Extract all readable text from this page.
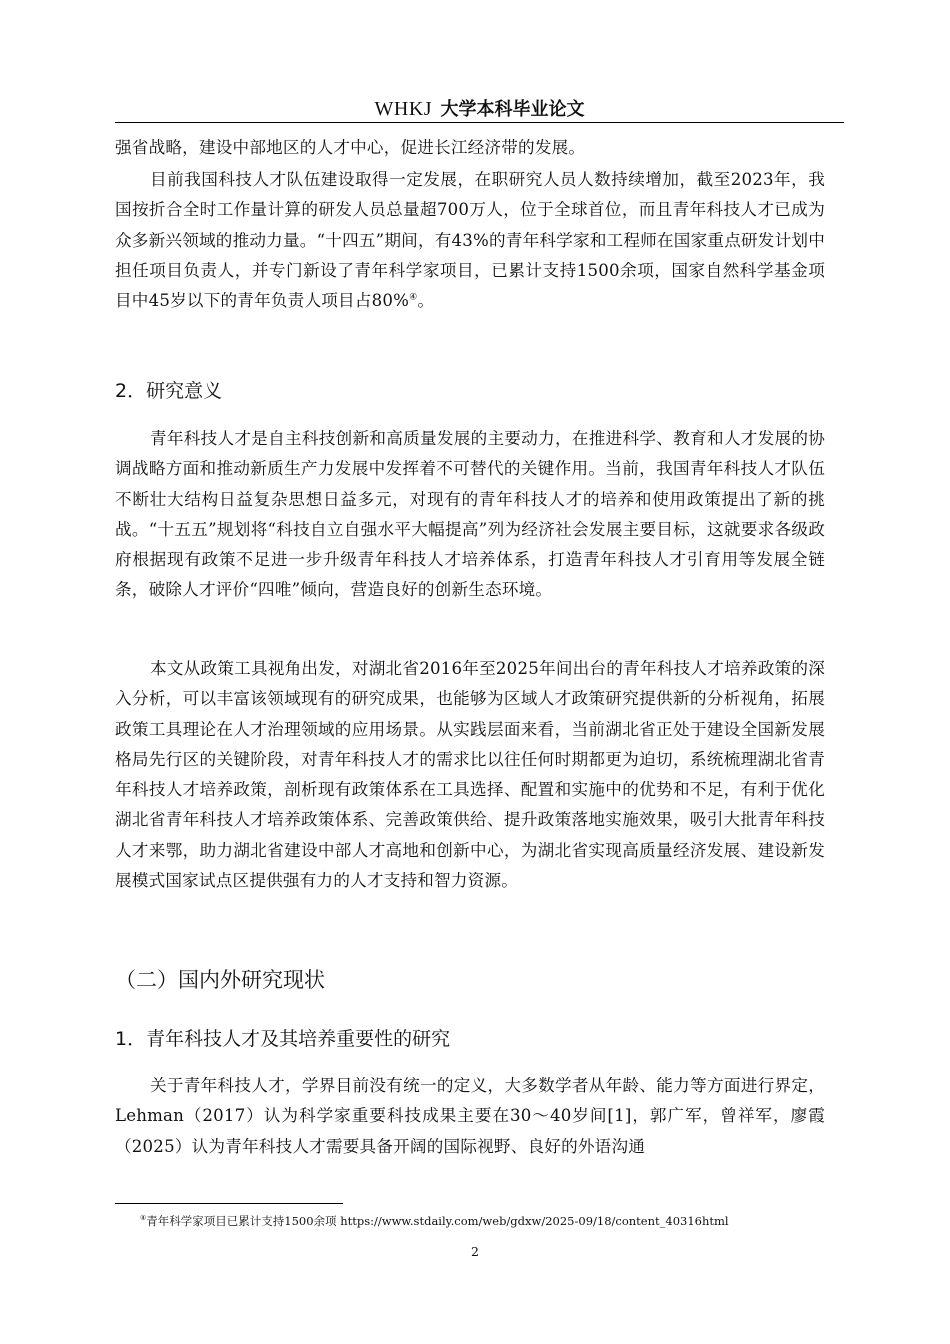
WHKJ 大学本科毕业论文

强省战略，建设中部地区的人才中心，促进长江经济带的发展。

目前我国科技人才队伍建设取得一定发展，在职研究人员人数持续增加，截至2023年，我国按折合全时工作量计算的研发人员总量超700万人，位于全球首位，而且青年科技人才已成为众多新兴领域的推动力量。“十四五”期间，有43%的青年科学家和工程师在国家重点研发计划中担任项目负责人，并专门新设了青年科学家项目，已累计支持1500余项，国家自然科学基金项目中45岁以下的青年负责人项目占80%④。

2．研究意义

青年科技人才是自主科技创新和高质量发展的主要动力，在推进科学、教育和人才发展的协调战略方面和推动新质生产力发展中发挥着不可替代的关键作用。当前，我国青年科技人才队伍不断壮大结构日益复杂思想日益多元，对现有的青年科技人才的培养和使用政策提出了新的挑战。“十五五”规划将“科技自立自强水平大幅提高”列为经济社会发展主要目标，这就要求各级政府根据现有政策不足进一步升级青年科技人才培养体系，打造青年科技人才引育用等发展全链条，破除人才评价“四唯”倾向，营造良好的创新生态环境。

本文从政策工具视角出发，对湖北省2016年至2025年间出台的青年科技人才培养政策的深入分析，可以丰富该领域现有的研究成果，也能够为区域人才政策研究提供新的分析视角，拓展政策工具理论在人才治理领域的应用场景。从实践层面来看，当前湖北省正处于建设全国新发展格局先行区的关键阶段，对青年科技人才的需求比以往任何时期都更为迫切，系统梳理湖北省青年科技人才培养政策，剖析现有政策体系在工具选择、配置和实施中的优势和不足，有利于优化湖北省青年科技人才培养政策体系、完善政策供给、提升政策落地实施效果，吸引大批青年科技人才来鄂，助力湖北省建设中部人才高地和创新中心，为湖北省实现高质量经济发展、建设新发展模式国家试点区提供强有力的人才支持和智力资源。

（二）国内外研究现状
1．青年科技人才及其培养重要性的研究

关于青年科技人才，学界目前没有统一的定义，大多数学者从年龄、能力等方面进行界定，Lehman（2017）认为科学家重要科技成果主要在30～40岁间[1]，郭广军，曾祥军，廖霞（2025）认为青年科技人才需要具备开阔的国际视野、良好的外语沟通

④青年科学家项目已累计支持1500余项 https://www.stdaily.com/web/gdxw/2025-09/18/content_40316html
2
